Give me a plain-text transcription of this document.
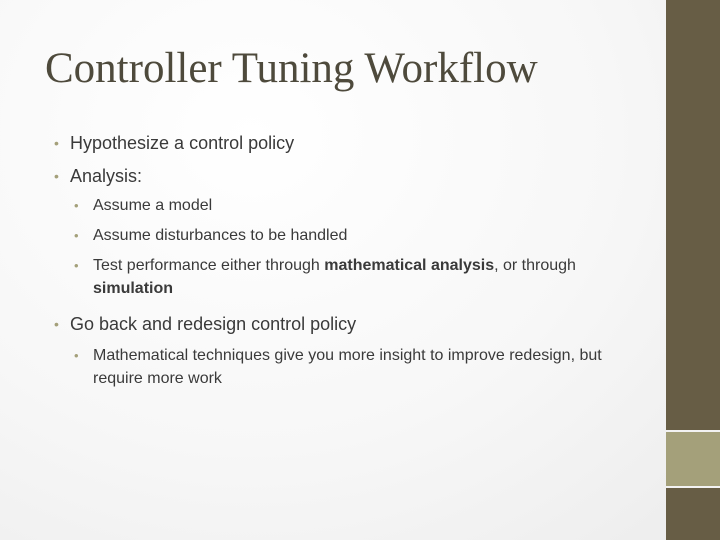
Controller Tuning Workflow

• Hypothesize a control policy

• Analysis:

• Assume a model

• Assume disturbances to be handled

• Test performance either through mathematical analysis, or through simulation

• Go back and redesign control policy

• Mathematical techniques give you more insight to improve redesign, but require more work
